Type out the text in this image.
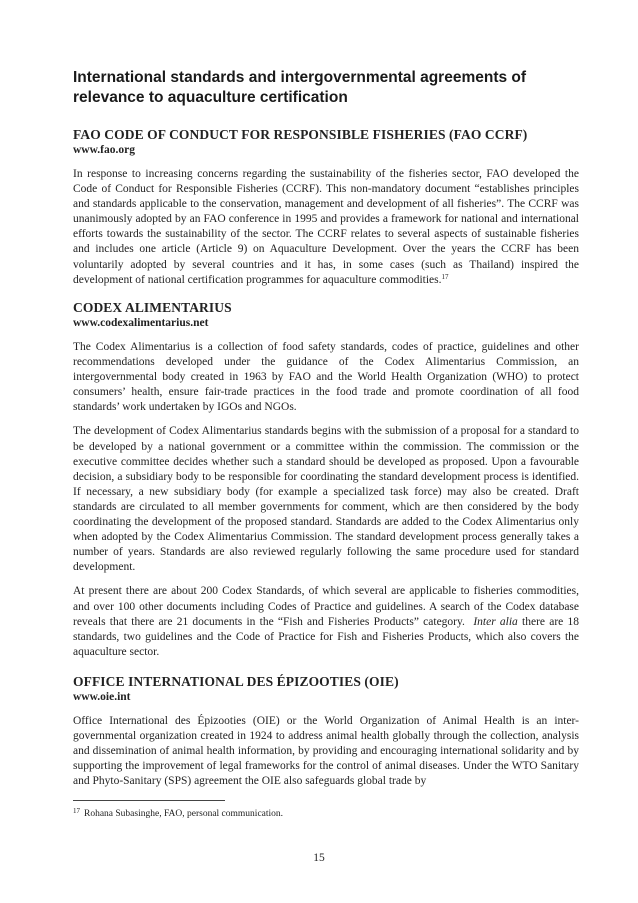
International standards and intergovernmental agreements of relevance to aquaculture certification

FAO CODE OF CONDUCT FOR RESPONSIBLE FISHERIES (FAO CCRF)

www.fao.org

In response to increasing concerns regarding the sustainability of the fisheries sector, FAO developed the Code of Conduct for Responsible Fisheries (CCRF). This non-mandatory document “establishes principles and standards applicable to the conservation, management and development of all fisheries”. The CCRF was unanimously adopted by an FAO conference in 1995 and provides a framework for national and international efforts towards the sustainability of the sector. The CCRF relates to several aspects of sustainable fisheries and includes one article (Article 9) on Aquaculture Development. Over the years the CCRF has been voluntarily adopted by several countries and it has, in some cases (such as Thailand) inspired the development of national certification programmes for aquaculture commodities.$^{17}$

CODEX ALIMENTARIUS

www.codexalimentarius.net

The Codex Alimentarius is a collection of food safety standards, codes of practice, guidelines and other recommendations developed under the guidance of the Codex Alimentarius Commission, an intergovernmental body created in 1963 by FAO and the World Health Organization (WHO) to protect consumers’ health, ensure fair-trade practices in the food trade and promote coordination of all food standards’ work undertaken by IGOs and NGOs.

The development of Codex Alimentarius standards begins with the submission of a proposal for a standard to be developed by a national government or a committee within the commission. The commission or the executive committee decides whether such a standard should be developed as proposed. Upon a favourable decision, a subsidiary body to be responsible for coordinating the standard development process is identified. If necessary, a new subsidiary body (for example a specialized task force) may also be created. Draft standards are circulated to all member governments for comment, which are then considered by the body coordinating the development of the proposed standard. Standards are added to the Codex Alimentarius only when adopted by the Codex Alimentarius Commission. The standard development process generally takes a number of years. Standards are also reviewed regularly following the same procedure used for standard development.

At present there are about 200 Codex Standards, of which several are applicable to fisheries commodities, and over 100 other documents including Codes of Practice and guidelines. A search of the Codex database reveals that there are 21 documents in the “Fish and Fisheries Products” category. Inter alia there are 18 standards, two guidelines and the Code of Practice for Fish and Fisheries Products, which also covers the aquaculture sector.

OFFICE INTERNATIONAL DES ÉPIZOOTIES (OIE)

www.oie.int

Office International des Épizooties (OIE) or the World Organization of Animal Health is an inter-governmental organization created in 1924 to address animal health globally through the collection, analysis and dissemination of animal health information, by providing and encouraging international solidarity and by supporting the improvement of legal frameworks for the control of animal diseases. Under the WTO Sanitary and Phyto-Sanitary (SPS) agreement the OIE also safeguards global trade by

$^{17}$ Rohana Subasinghe, FAO, personal communication.
15
